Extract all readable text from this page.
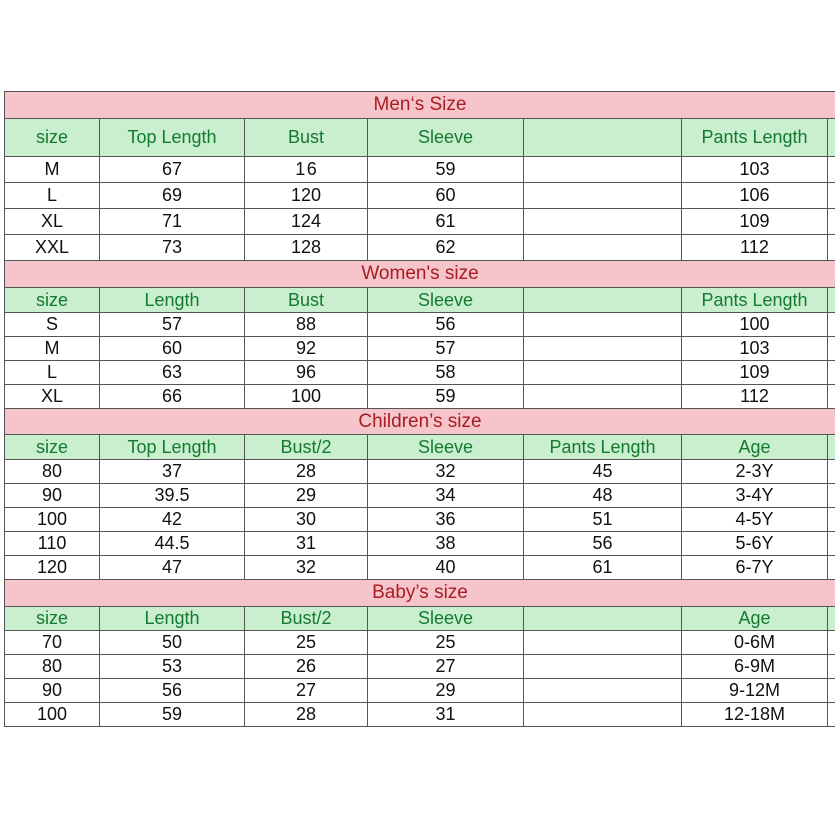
Men‘s Size
size	Top Length	Bust	Sleeve	Pants Length
M	67	1 6	59	103
L	69	120	60	106
XL	71	124	61	109
XXL	73	128	62	112
Women's size
size	Length	Bust	Sleeve	Pants Length
S	57	88	56	100
M	60	92	57	103
L	63	96	58	109
XL	66	100	59	112
Children’s size
size	Top Length	Bust/2	Sleeve	Pants Length	Age
80	37	28	32	45	2-3Y
90	39.5	29	34	48	3-4Y
100	42	30	36	51	4-5Y
110	44.5	31	38	56	5-6Y
120	47	32	40	61	6-7Y
Baby’s size
size	Length	Bust/2	Sleeve	Age
70	50	25	25	0-6M
80	53	26	27	6-9M
90	56	27	29	9-12M
100	59	28	31	12-18M
